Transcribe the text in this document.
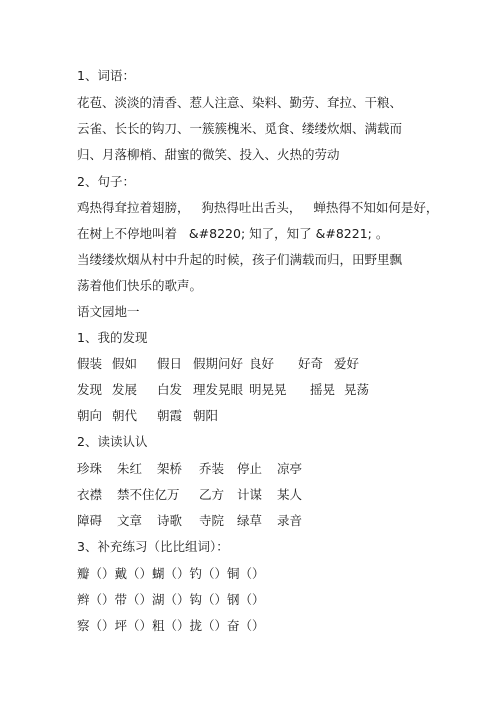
1、词语：
花苞、淡淡的清香、惹人注意、染料、勤劳、耷拉、干粮、
云雀、长长的钩刀、一簇簇槐米、觅食、缕缕炊烟、满载而
归、月落柳梢、甜蜜的微笑、投入、火热的劳动
2、句子：
鸡热得耷拉着翅膀，   狗热得吐出舌头，   蝉热得不知如何是好，
在树上不停地叫着   &#8220; 知了，知了 &#8221; 。
当缕缕炊烟从村中升起的时候，孩子们满载而归，田野里飘
荡着他们快乐的歌声。
语文园地一
1、我的发现
假装 假如 假日 假期问好 良好 好奇 爱好
发现 发展 白发 理发晃眼 明晃晃 摇晃 晃荡
朝向 朝代 朝霞 朝阳
2、读读认认
珍珠 朱红 架桥 乔装 停止 凉亭
衣襟 禁不住亿万 乙方 计谋 某人
障碍 文章 诗歌 寺院 绿草 录音
3、补充练习（比比组词）：
瓣（）戴（）蝴（）钓（）铜（）
辫（）带（）湖（）钩（）钢（）
察（）坪（）粗（）拢（）奋（）
